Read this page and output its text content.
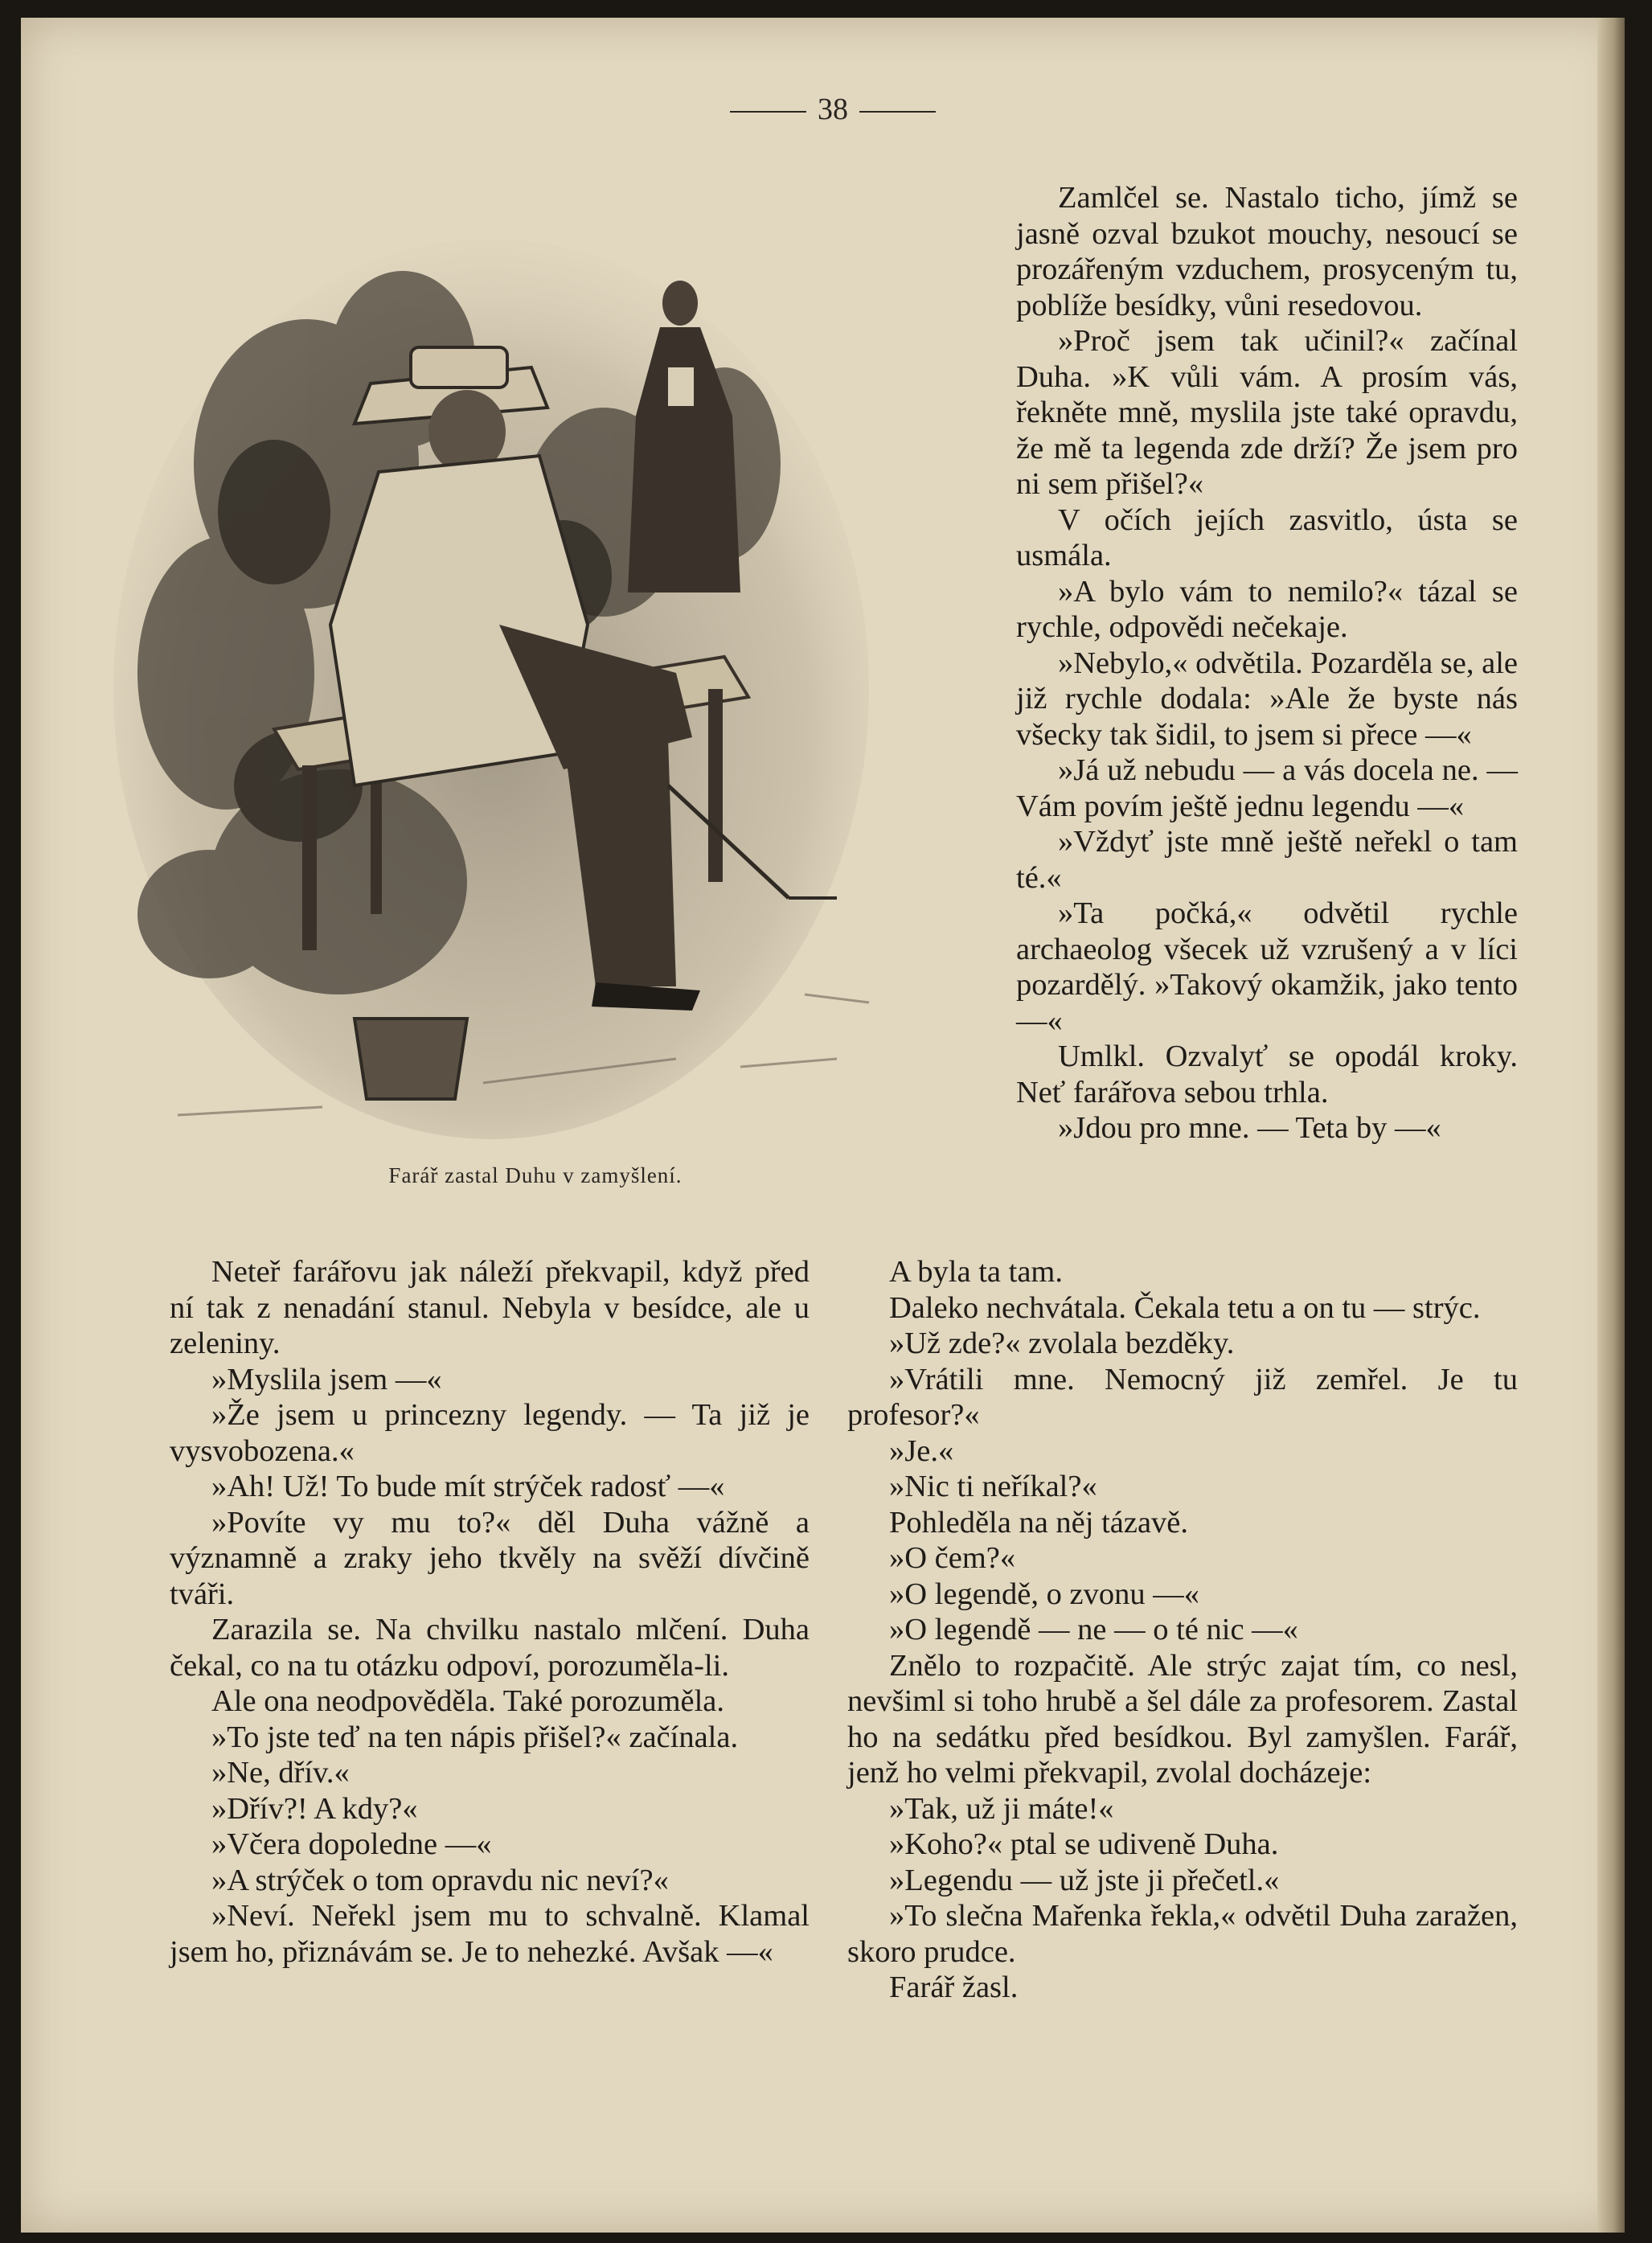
38
Farář zastal Duhu v zamyšlení.

Zamlčel se. Nastalo ticho, jímž se jasně ozval bzukot mouchy, nesoucí se prozářeným vzduchem, prosyceným tu, poblíže besídky, vůni resedovou.

»Proč jsem tak učinil?« začínal Duha. »K vůli vám. A prosím vás, řekněte mně, myslila jste také opravdu, že mě ta legenda zde drží? Že jsem pro ni sem přišel?«

V očích jejích zasvitlo, ústa se usmála.

»A bylo vám to nemilo?« tázal se rychle, odpovědi nečekaje.

»Nebylo,« odvětila. Pozarděla se, ale již rychle dodala: »Ale že byste nás všecky tak šidil, to jsem si přece —«

»Já už nebudu — a vás docela ne. — Vám povím ještě jednu legendu —«

»Vždyť jste mně ještě neřekl o tam té.«

»Ta počká,« odvětil rychle archaeolog všecek už vzrušený a v líci pozardělý. »Takový okamžik, jako tento —«

Umlkl. Ozvalyť se opodál kroky. Neť farářova sebou trhla.

»Jdou pro mne. — Teta by —«

Neteř farářovu jak náleží překvapil, když před ní tak z nenadání stanul. Nebyla v besídce, ale u zeleniny.

»Myslila jsem —«

»Že jsem u princezny legendy. — Ta již je vysvobozena.«

»Ah! Už! To bude mít strýček radosť —«

»Povíte vy mu to?« děl Duha vážně a významně a zraky jeho tkvěly na svěží dívčině tváři.

Zarazila se. Na chvilku nastalo mlčení. Duha čekal, co na tu otázku odpoví, porozuměla-li.

Ale ona neodpověděla. Také porozuměla.

»To jste teď na ten nápis přišel?« začínala.

»Ne, dřív.«

»Dřív?! A kdy?«

»Včera dopoledne —«

»A strýček o tom opravdu nic neví?«

»Neví. Neřekl jsem mu to schvalně. Klamal jsem ho, přiznávám se. Je to nehezké. Avšak —«

A byla ta tam.

Daleko nechvátala. Čekala tetu a on tu — strýc.

»Už zde?« zvolala bezděky.

»Vrátili mne. Nemocný již zemřel. Je tu profesor?«

»Je.«

»Nic ti neříkal?«

Pohleděla na něj tázavě.

»O čem?«

»O legendě, o zvonu —«

»O legendě — ne — o té nic —«

Znělo to rozpačitě. Ale strýc zajat tím, co nesl, nevšiml si toho hrubě a šel dále za profesorem. Zastal ho na sedátku před besídkou. Byl zamyšlen. Farář, jenž ho velmi překvapil, zvolal docházeje:

»Tak, už ji máte!«

»Koho?« ptal se udiveně Duha.

»Legendu — už jste ji přečetl.«

»To slečna Mařenka řekla,« odvětil Duha zaražen, skoro prudce.

Farář žasl.
